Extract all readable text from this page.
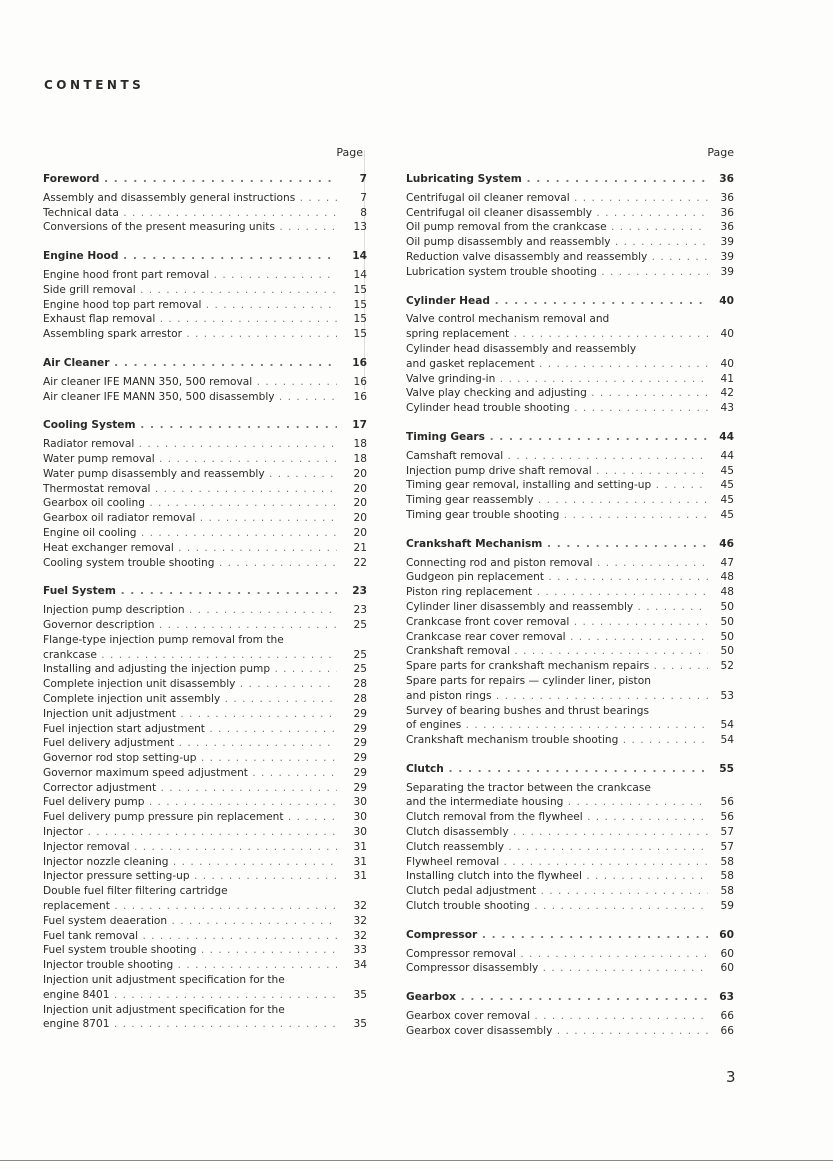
CONTENTS
Page
Foreword . . .	7
Assembly and disassembly general instructions . . .	7
Technical data . . .	8
Conversions of the present measuring units . . .	13
Engine Hood . . .	14
Engine hood front part removal . . .	14
Side grill removal . . .	15
Engine hood top part removal . . .	15
Exhaust flap removal . . .	15
Assembling spark arrestor . . .	15
Air Cleaner . . .	16
Air cleaner IFE MANN 350, 500 removal . . .	16
Air cleaner IFE MANN 350, 500 disassembly . . .	16
Cooling System . . .	17
Radiator removal . . .	18
Water pump removal . . .	18
Water pump disassembly and reassembly . . .	20
Thermostat removal . . .	20
Gearbox oil cooling . . .	20
Gearbox oil radiator removal . . .	20
Engine oil cooling . . .	20
Heat exchanger removal . . .	21
Cooling system trouble shooting . . .	22
Fuel System . . .	23
Injection pump description . . .	23
Governor description . . .	25
Flange-type injection pump removal from the
crankcase . . .	25
Installing and adjusting the injection pump . . .	25
Complete injection unit disassembly . . .	28
Complete injection unit assembly . . .	28
Injection unit adjustment . . .	29
Fuel injection start adjustment . . .	29
Fuel delivery adjustment . . .	29
Governor rod stop setting-up . . .	29
Governor maximum speed adjustment . . .	29
Corrector adjustment . . .	29
Fuel delivery pump . . .	30
Fuel delivery pump pressure pin replacement . . .	30
Injector . . .	30
Injector removal . . .	31
Injector nozzle cleaning . . .	31
Injector pressure setting-up . . .	31
Double fuel filter filtering cartridge
replacement . . .	32
Fuel system deaeration . . .	32
Fuel tank removal . . .	32
Fuel system trouble shooting . . .	33
Injector trouble shooting . . .	34
Injection unit adjustment specification for the
engine 8401 . . .	35
Injection unit adjustment specification for the
engine 8701 . . .	35
Page
Lubricating System . . .	36
Centrifugal oil cleaner removal . . .	36
Centrifugal oil cleaner disassembly . . .	36
Oil pump removal from the crankcase . . .	36
Oil pump disassembly and reassembly . . .	39
Reduction valve disassembly and reassembly . . .	39
Lubrication system trouble shooting . . .	39
Cylinder Head . . .	40
Valve control mechanism removal and
spring replacement . . .	40
Cylinder head disassembly and reassembly
and gasket replacement . . .	40
Valve grinding-in . . .	41
Valve play checking and adjusting . . .	42
Cylinder head trouble shooting . . .	43
Timing Gears . . .	44
Camshaft removal . . .	44
Injection pump drive shaft removal . . .	45
Timing gear removal, installing and setting-up . . .	45
Timing gear reassembly . . .	45
Timing gear trouble shooting . . .	45
Crankshaft Mechanism . . .	46
Connecting rod and piston removal . . .	47
Gudgeon pin replacement . . .	48
Piston ring replacement . . .	48
Cylinder liner disassembly and reassembly . . .	50
Crankcase front cover removal . . .	50
Crankcase rear cover removal . . .	50
Crankshaft removal . . .	50
Spare parts for crankshaft mechanism repairs . . .	52
Spare parts for repairs — cylinder liner, piston
and piston rings . . .	53
Survey of bearing bushes and thrust bearings
of engines . . .	54
Crankshaft mechanism trouble shooting . . .	54
Clutch . . .	55
Separating the tractor between the crankcase
and the intermediate housing . . .	56
Clutch removal from the flywheel . . .	56
Clutch disassembly . . .	57
Clutch reassembly . . .	57
Flywheel removal . . .	58
Installing clutch into the flywheel . . .	58
Clutch pedal adjustment . . .	58
Clutch trouble shooting . . .	59
Compressor . . .	60
Compressor removal . . .	60
Compressor disassembly . . .	60
Gearbox . . .	63
Gearbox cover removal . . .	66
Gearbox cover disassembly . . .	66
3
